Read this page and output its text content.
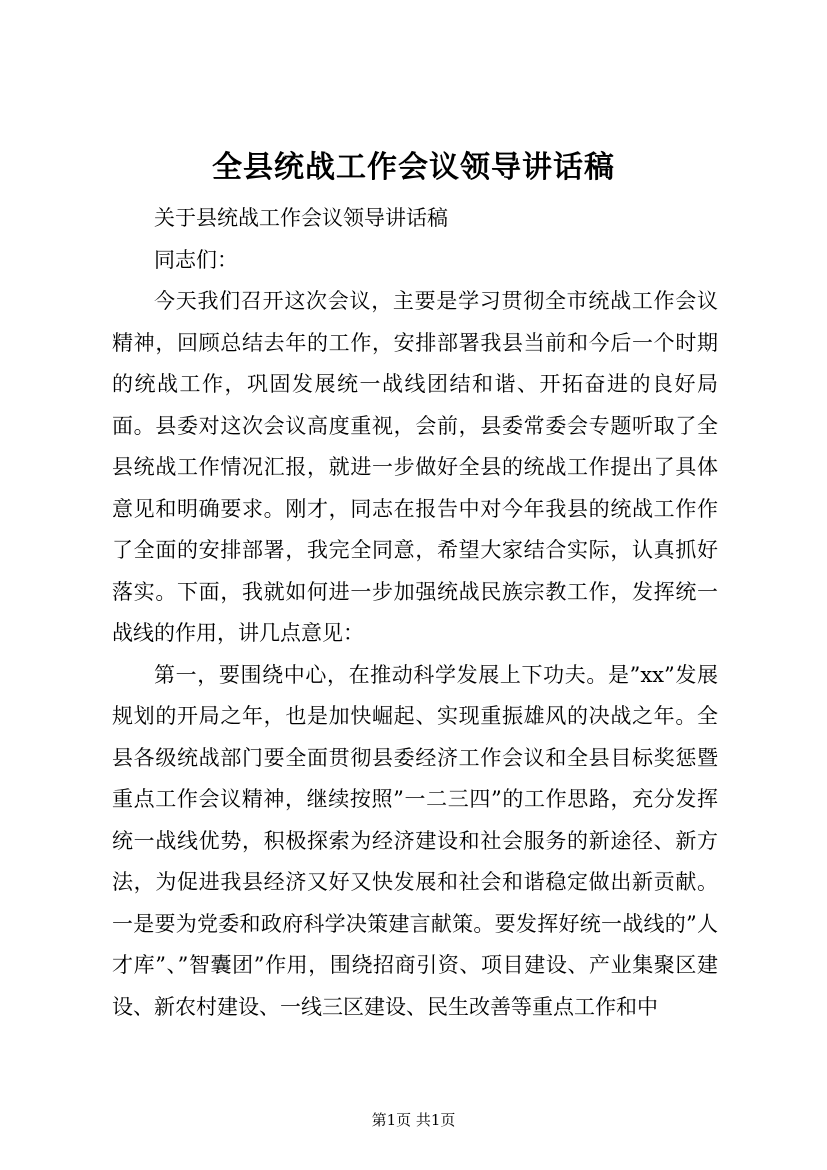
全县统战工作会议领导讲话稿

关于县统战工作会议领导讲话稿

同志们：

今天我们召开这次会议，主要是学习贯彻全市统战工作会议精神，回顾总结去年的工作，安排部署我县当前和今后一个时期的统战工作，巩固发展统一战线团结和谐、开拓奋进的良好局面。县委对这次会议高度重视，会前，县委常委会专题听取了全县统战工作情况汇报，就进一步做好全县的统战工作提出了具体意见和明确要求。刚才，同志在报告中对今年我县的统战工作作了全面的安排部署，我完全同意，希望大家结合实际，认真抓好落实。下面，我就如何进一步加强统战民族宗教工作，发挥统一战线的作用，讲几点意见：

第一，要围绕中心，在推动科学发展上下功夫。是”xx”发展规划的开局之年，也是加快崛起、实现重振雄风的决战之年。全县各级统战部门要全面贯彻县委经济工作会议和全县目标奖惩暨重点工作会议精神，继续按照”一二三四”的工作思路，充分发挥统一战线优势，积极探索为经济建设和社会服务的新途径、新方法，为促进我县经济又好又快发展和社会和谐稳定做出新贡献。一是要为党委和政府科学决策建言献策。要发挥好统一战线的”人才库”、”智囊团”作用，围绕招商引资、项目建设、产业集聚区建设、新农村建设、一线三区建设、民生改善等重点工作和中

第1页 共1页
